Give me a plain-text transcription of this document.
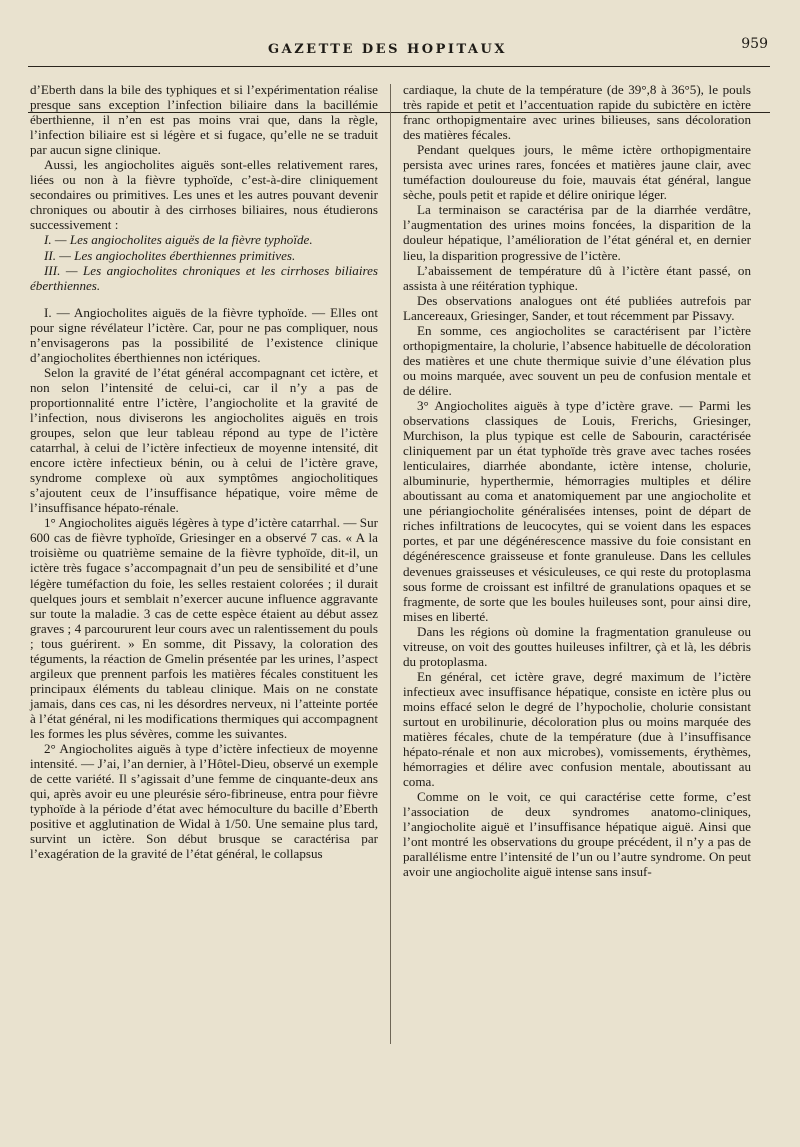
GAZETTE DES HOPITAUX	959

d’Eberth dans la bile des typhiques et si l’expérimentation réalise presque sans exception l’infection biliaire dans la bacillémie éberthienne, il n’en est pas moins vrai que, dans la règle, l’infection biliaire est si légère et si fugace, qu’elle ne se traduit par aucun signe clinique.

Aussi, les angiocholites aiguës sont-elles relativement rares, liées ou non à la fièvre typhoïde, c’est-à-dire cliniquement secondaires ou primitives. Les unes et les autres pouvant devenir chroniques ou aboutir à des cirrhoses biliaires, nous étudierons successivement :

I. — Les angiocholites aiguës de la fièvre typhoïde.

II. — Les angiocholites éberthiennes primitives.

III. — Les angiocholites chroniques et les cirrhoses biliaires éberthiennes.

I. — Angiocholites aiguës de la fièvre typhoïde. — Elles ont pour signe révélateur l’ictère. Car, pour ne pas compliquer, nous n’envisagerons pas la possibilité de l’existence clinique d’angiocholites éberthiennes non ictériques.

Selon la gravité de l’état général accompagnant cet ictère, et non selon l’intensité de celui-ci, car il n’y a pas de proportionnalité entre l’ictère, l’angiocholite et la gravité de l’infection, nous diviserons les angiocholites aiguës en trois groupes, selon que leur tableau répond au type de l’ictère catarrhal, à celui de l’ictère infectieux de moyenne intensité, dit encore ictère infectieux bénin, ou à celui de l’ictère grave, syndrome complexe où aux symptômes angiocholitiques s’ajoutent ceux de l’insuffisance hépatique, voire même de l’insuffisance hépato-rénale.

1° Angiocholites aiguës légères à type d’ictère catarrhal. — Sur 600 cas de fièvre typhoïde, Griesinger en a observé 7 cas. « A la troisième ou quatrième semaine de la fièvre typhoïde, dit-il, un ictère très fugace s’accompagnait d’un peu de sensibilité et d’une légère tuméfaction du foie, les selles restaient colorées ; il durait quelques jours et semblait n’exercer aucune influence aggravante sur toute la maladie. 3 cas de cette espèce étaient au début assez graves ; 4 parcoururent leur cours avec un ralentissement du pouls ; tous guérirent. » En somme, dit Pissavy, la coloration des téguments, la réaction de Gmelin présentée par les urines, l’aspect argileux que prennent parfois les matières fécales constituent les principaux éléments du tableau clinique. Mais on ne constate jamais, dans ces cas, ni les désordres nerveux, ni l’atteinte portée à l’état général, ni les modifications thermiques qui accompagnent les formes les plus sévères, comme les suivantes.

2° Angiocholites aiguës à type d’ictère infectieux de moyenne intensité. — J’ai, l’an dernier, à l’Hôtel-Dieu, observé un exemple de cette variété. Il s’agissait d’une femme de cinquante-deux ans qui, après avoir eu une pleurésie séro-fibrineuse, entra pour fièvre typhoïde à la période d’état avec hémoculture du bacille d’Eberth positive et agglutination de Widal à 1/50. Une semaine plus tard, survint un ictère. Son début brusque se caractérisa par l’exagération de la gravité de l’état général, le collapsus

cardiaque, la chute de la température (de 39°,8 à 36°5), le pouls très rapide et petit et l’accentuation rapide du subictère en ictère franc orthopigmentaire avec urines bilieuses, sans décoloration des matières fécales.

Pendant quelques jours, le même ictère orthopigmentaire persista avec urines rares, foncées et matières jaune clair, avec tuméfaction douloureuse du foie, mauvais état général, langue sèche, pouls petit et rapide et délire onirique léger.

La terminaison se caractérisa par de la diarrhée verdâtre, l’augmentation des urines moins foncées, la disparition de la douleur hépatique, l’amélioration de l’état général et, en dernier lieu, la disparition progressive de l’ictère.

L’abaissement de température dû à l’ictère étant passé, on assista à une réitération typhique.

Des observations analogues ont été publiées autrefois par Lancereaux, Griesinger, Sander, et tout récemment par Pissavy.

En somme, ces angiocholites se caractérisent par l’ictère orthopigmentaire, la cholurie, l’absence habituelle de décoloration des matières et une chute thermique suivie d’une élévation plus ou moins marquée, avec souvent un peu de confusion mentale et de délire.

3° Angiocholites aiguës à type d’ictère grave. — Parmi les observations classiques de Louis, Frerichs, Griesinger, Murchison, la plus typique est celle de Sabourin, caractérisée cliniquement par un état typhoïde très grave avec taches rosées lenticulaires, diarrhée abondante, ictère intense, cholurie, albuminurie, hyperthermie, hémorragies multiples et délire aboutissant au coma et anatomiquement par une angiocholite et une périangiocholite généralisées intenses, point de départ de riches infiltrations de leucocytes, qui se voient dans les espaces portes, et par une dégénérescence massive du foie consistant en dégénérescence graisseuse et fonte granuleuse. Dans les cellules devenues graisseuses et vésiculeuses, ce qui reste du protoplasma sous forme de croissant est infiltré de granulations opaques et se fragmente, de sorte que les boules huileuses sont, pour ainsi dire, mises en liberté.

Dans les régions où domine la fragmentation granuleuse ou vitreuse, on voit des gouttes huileuses infiltrer, çà et là, les débris du protoplasma.

En général, cet ictère grave, degré maximum de l’ictère infectieux avec insuffisance hépatique, consiste en ictère plus ou moins effacé selon le degré de l’hypocholie, cholurie consistant surtout en urobilinurie, décoloration plus ou moins marquée des matières fécales, chute de la température (due à l’insuffisance hépato-rénale et non aux microbes), vomissements, érythèmes, hémorragies et délire avec confusion mentale, aboutissant au coma.

Comme on le voit, ce qui caractérise cette forme, c’est l’association de deux syndromes anatomo-cliniques, l’angiocholite aiguë et l’insuffisance hépatique aiguë. Ainsi que l’ont montré les observations du groupe précédent, il n’y a pas de parallélisme entre l’intensité de l’un ou l’autre syndrome. On peut avoir une angiocholite aiguë intense sans insuf-
